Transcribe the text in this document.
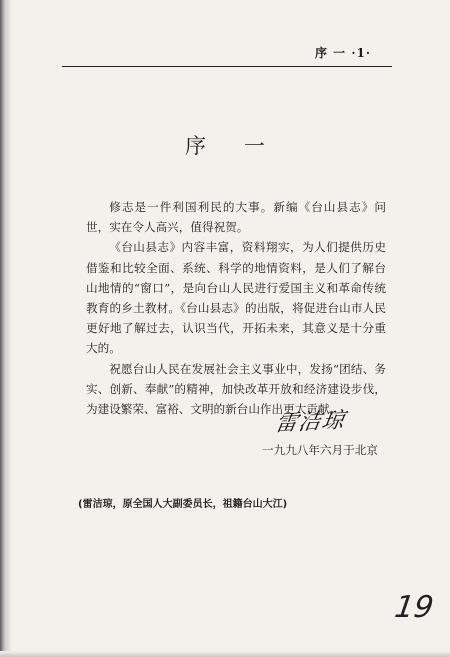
序 一 ·1·
序一

修志是一件利国利民的大事。新编《台山县志》问世，实在令人高兴，值得祝贺。

《台山县志》内容丰富，资料翔实，为人们提供历史借鉴和比较全面、系统、科学的地情资料，是人们了解台山地情的“窗口”，是向台山人民进行爱国主义和革命传统教育的乡土教材。《台山县志》的出版，将促进台山市人民更好地了解过去，认识当代，开拓未来，其意义是十分重大的。

祝愿台山人民在发展社会主义事业中，发扬“团结、务实、创新、奉献”的精神，加快改革开放和经济建设步伐，为建设繁荣、富裕、文明的新台山作出更大贡献。

雷洁琼
一九九八年六月于北京
(雷洁琼，原全国人大副委员长，祖籍台山大江)
19
